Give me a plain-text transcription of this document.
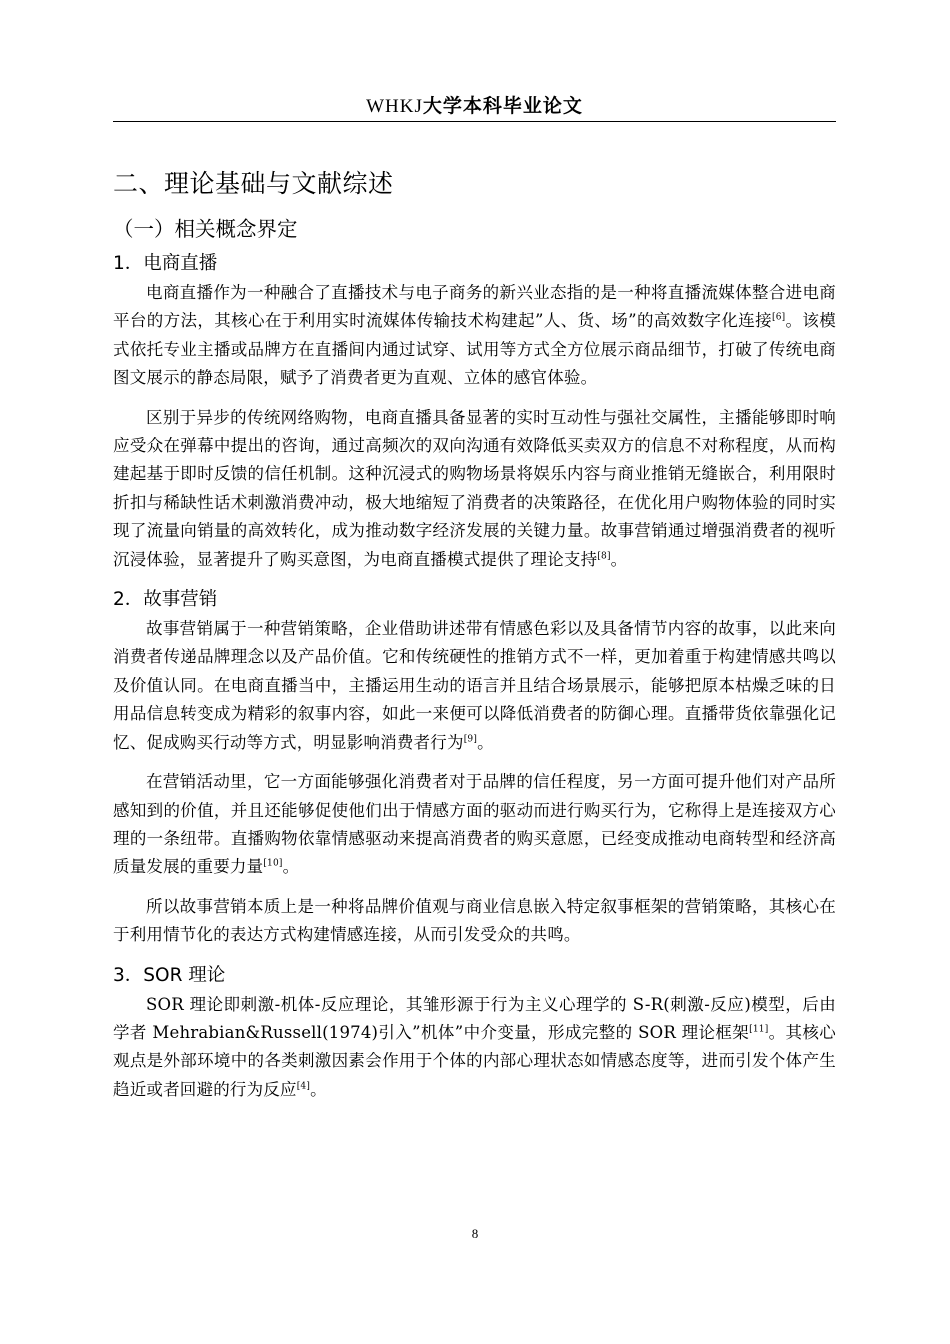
WHKJ大学本科毕业论文
二、理论基础与文献综述
（一）相关概念界定
1．电商直播

电商直播作为一种融合了直播技术与电子商务的新兴业态指的是一种将直播流媒体整合进电商平台的方法，其核心在于利用实时流媒体传输技术构建起”人、货、场”的高效数字化连接[6]。该模式依托专业主播或品牌方在直播间内通过试穿、试用等方式全方位展示商品细节，打破了传统电商图文展示的静态局限，赋予了消费者更为直观、立体的感官体验。

区别于异步的传统网络购物，电商直播具备显著的实时互动性与强社交属性，主播能够即时响应受众在弹幕中提出的咨询，通过高频次的双向沟通有效降低买卖双方的信息不对称程度，从而构建起基于即时反馈的信任机制。这种沉浸式的购物场景将娱乐内容与商业推销无缝嵌合，利用限时折扣与稀缺性话术刺激消费冲动，极大地缩短了消费者的决策路径，在优化用户购物体验的同时实现了流量向销量的高效转化，成为推动数字经济发展的关键力量。故事营销通过增强消费者的视听沉浸体验，显著提升了购买意图，为电商直播模式提供了理论支持[8]。

2．故事营销

故事营销属于一种营销策略，企业借助讲述带有情感色彩以及具备情节内容的故事，以此来向消费者传递品牌理念以及产品价值。它和传统硬性的推销方式不一样，更加着重于构建情感共鸣以及价值认同。在电商直播当中，主播运用生动的语言并且结合场景展示，能够把原本枯燥乏味的日用品信息转变成为精彩的叙事内容，如此一来便可以降低消费者的防御心理。直播带货依靠强化记忆、促成购买行动等方式，明显影响消费者行为[9]。

在营销活动里，它一方面能够强化消费者对于品牌的信任程度，另一方面可提升他们对产品所感知到的价值，并且还能够促使他们出于情感方面的驱动而进行购买行为，它称得上是连接双方心理的一条纽带。直播购物依靠情感驱动来提高消费者的购买意愿，已经变成推动电商转型和经济高质量发展的重要力量[10]。

所以故事营销本质上是一种将品牌价值观与商业信息嵌入特定叙事框架的营销策略，其核心在于利用情节化的表达方式构建情感连接，从而引发受众的共鸣。

3．SOR 理论

SOR 理论即刺激-机体-反应理论，其雏形源于行为主义心理学的 S-R(刺激-反应)模型，后由学者 Mehrabian&Russell(1974)引入”机体”中介变量，形成完整的 SOR 理论框架[11]。其核心观点是外部环境中的各类刺激因素会作用于个体的内部心理状态如情感态度等，进而引发个体产生趋近或者回避的行为反应[4]。

8
